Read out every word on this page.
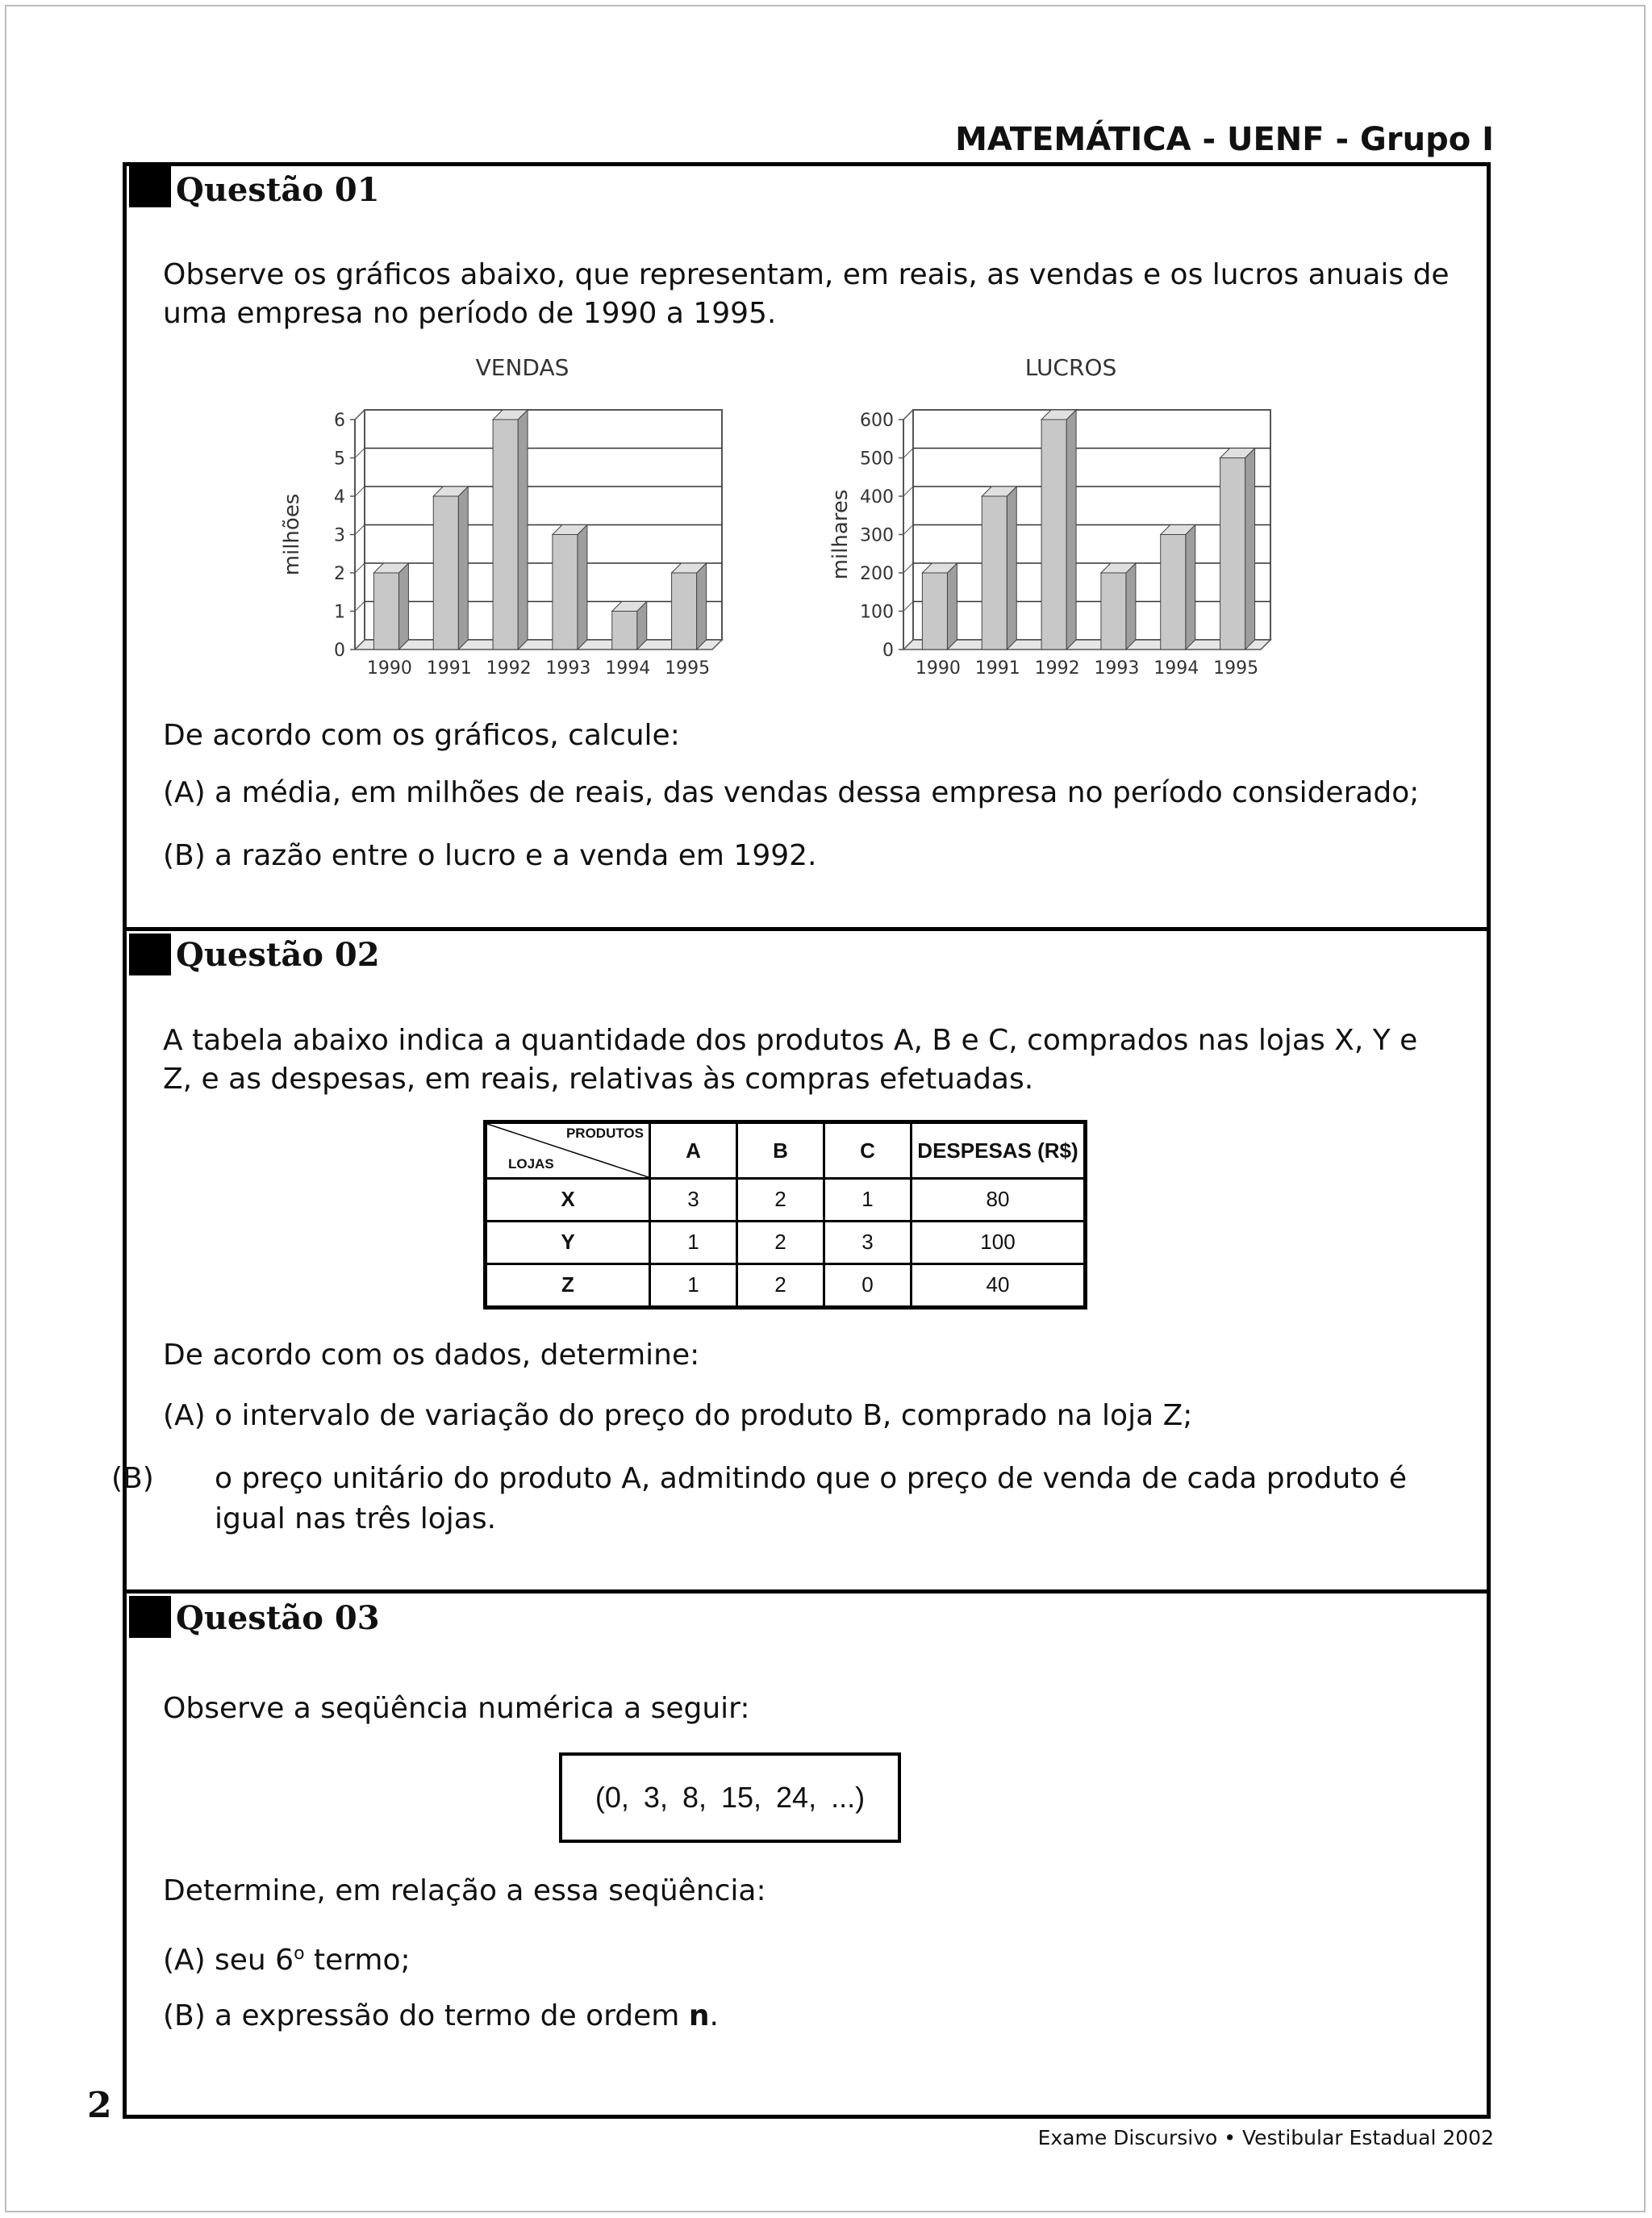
MATEMÁTICA - UENF - Grupo I
Questão 01
Observe os gráficos abaixo, que representam, em reais, as vendas e os lucros anuais de uma empresa no período de 1990 a 1995.
VENDAS
milhões
0
1
2
3
4
5
6
1990 1991 1992 1993 1994 1995
LUCROS
milhares
0
100
200
300
400
500
600
1990 1991 1992 1993 1994 1995
De acordo com os gráficos, calcule:
(A) a média, em milhões de reais, das vendas dessa empresa no período considerado;
(B) a razão entre o lucro e a venda em 1992.
Questão 02
A tabela abaixo indica a quantidade dos produtos A, B e C, comprados nas lojas X, Y e Z, e as despesas, em reais, relativas às compras efetuadas.
PRODUTOS
LOJAS	A	B	C	DESPESAS (R$)
X	3	2	1	80
Y	1	2	3	100
Z	1	2	0	40
De acordo com os dados, determine:
(A) o intervalo de variação do preço do produto B, comprado na loja Z;
(B) o preço unitário do produto A, admitindo que o preço de venda de cada produto é igual nas três lojas.
Questão 03
Observe a seqüência numérica a seguir:
(0, 3, 8, 15, 24, ...)
Determine, em relação a essa seqüência:
(A) seu 6$^o$ termo;
(B) a expressão do termo de ordem n.
2
Exame Discursivo • Vestibular Estadual 2002
